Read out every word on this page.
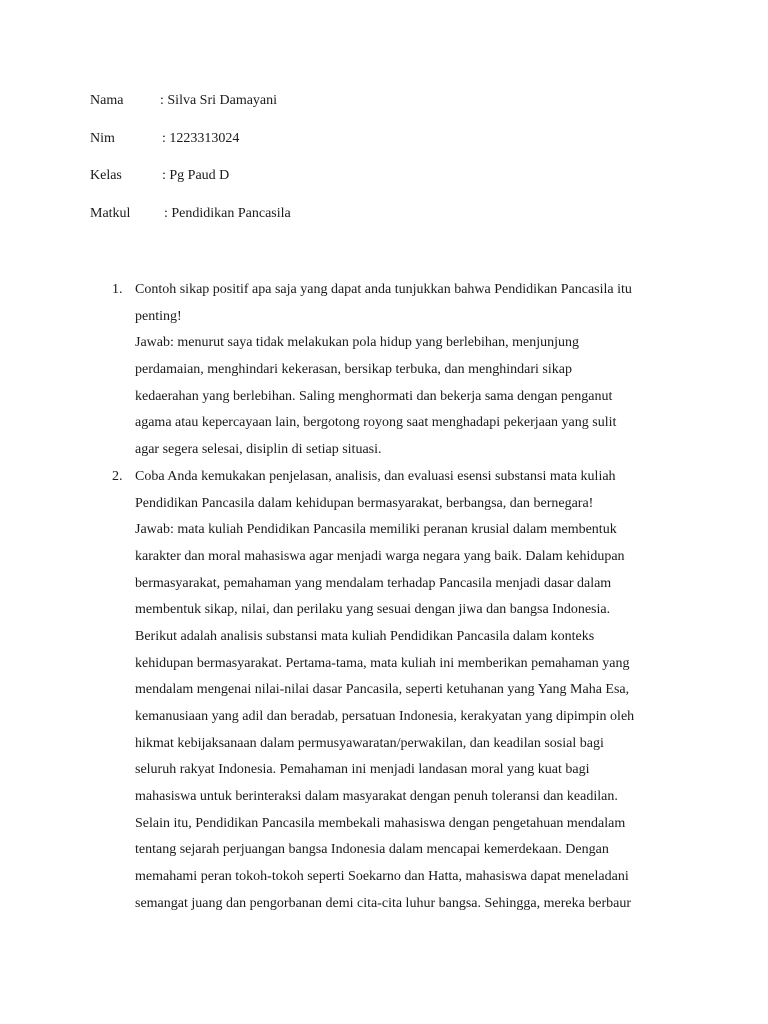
Nama	: Silva Sri Damayani
Nim	: 1223313024
Kelas	: Pg Paud D
Matkul : Pendidikan Pancasila
1. Contoh sikap positif apa saja yang dapat anda tunjukkan bahwa Pendidikan Pancasila itu
penting!
Jawab: menurut saya tidak melakukan pola hidup yang berlebihan, menjunjung
perdamaian, menghindari kekerasan, bersikap terbuka, dan menghindari sikap
kedaerahan yang berlebihan. Saling menghormati dan bekerja sama dengan penganut
agama atau kepercayaan lain, bergotong royong saat menghadapi pekerjaan yang sulit
agar segera selesai, disiplin di setiap situasi.
2. Coba Anda kemukakan penjelasan, analisis, dan evaluasi esensi substansi mata kuliah
Pendidikan Pancasila dalam kehidupan bermasyarakat, berbangsa, dan bernegara!
Jawab: mata kuliah Pendidikan Pancasila memiliki peranan krusial dalam membentuk
karakter dan moral mahasiswa agar menjadi warga negara yang baik. Dalam kehidupan
bermasyarakat, pemahaman yang mendalam terhadap Pancasila menjadi dasar dalam
membentuk sikap, nilai, dan perilaku yang sesuai dengan jiwa dan bangsa Indonesia.
Berikut adalah analisis substansi mata kuliah Pendidikan Pancasila dalam konteks
kehidupan bermasyarakat. Pertama-tama, mata kuliah ini memberikan pemahaman yang
mendalam mengenai nilai-nilai dasar Pancasila, seperti ketuhanan yang Yang Maha Esa,
kemanusiaan yang adil dan beradab, persatuan Indonesia, kerakyatan yang dipimpin oleh
hikmat kebijaksanaan dalam permusyawaratan/perwakilan, dan keadilan sosial bagi
seluruh rakyat Indonesia. Pemahaman ini menjadi landasan moral yang kuat bagi
mahasiswa untuk berinteraksi dalam masyarakat dengan penuh toleransi dan keadilan.
Selain itu, Pendidikan Pancasila membekali mahasiswa dengan pengetahuan mendalam
tentang sejarah perjuangan bangsa Indonesia dalam mencapai kemerdekaan. Dengan
memahami peran tokoh-tokoh seperti Soekarno dan Hatta, mahasiswa dapat meneladani
semangat juang dan pengorbanan demi cita-cita luhur bangsa. Sehingga, mereka berbaur
